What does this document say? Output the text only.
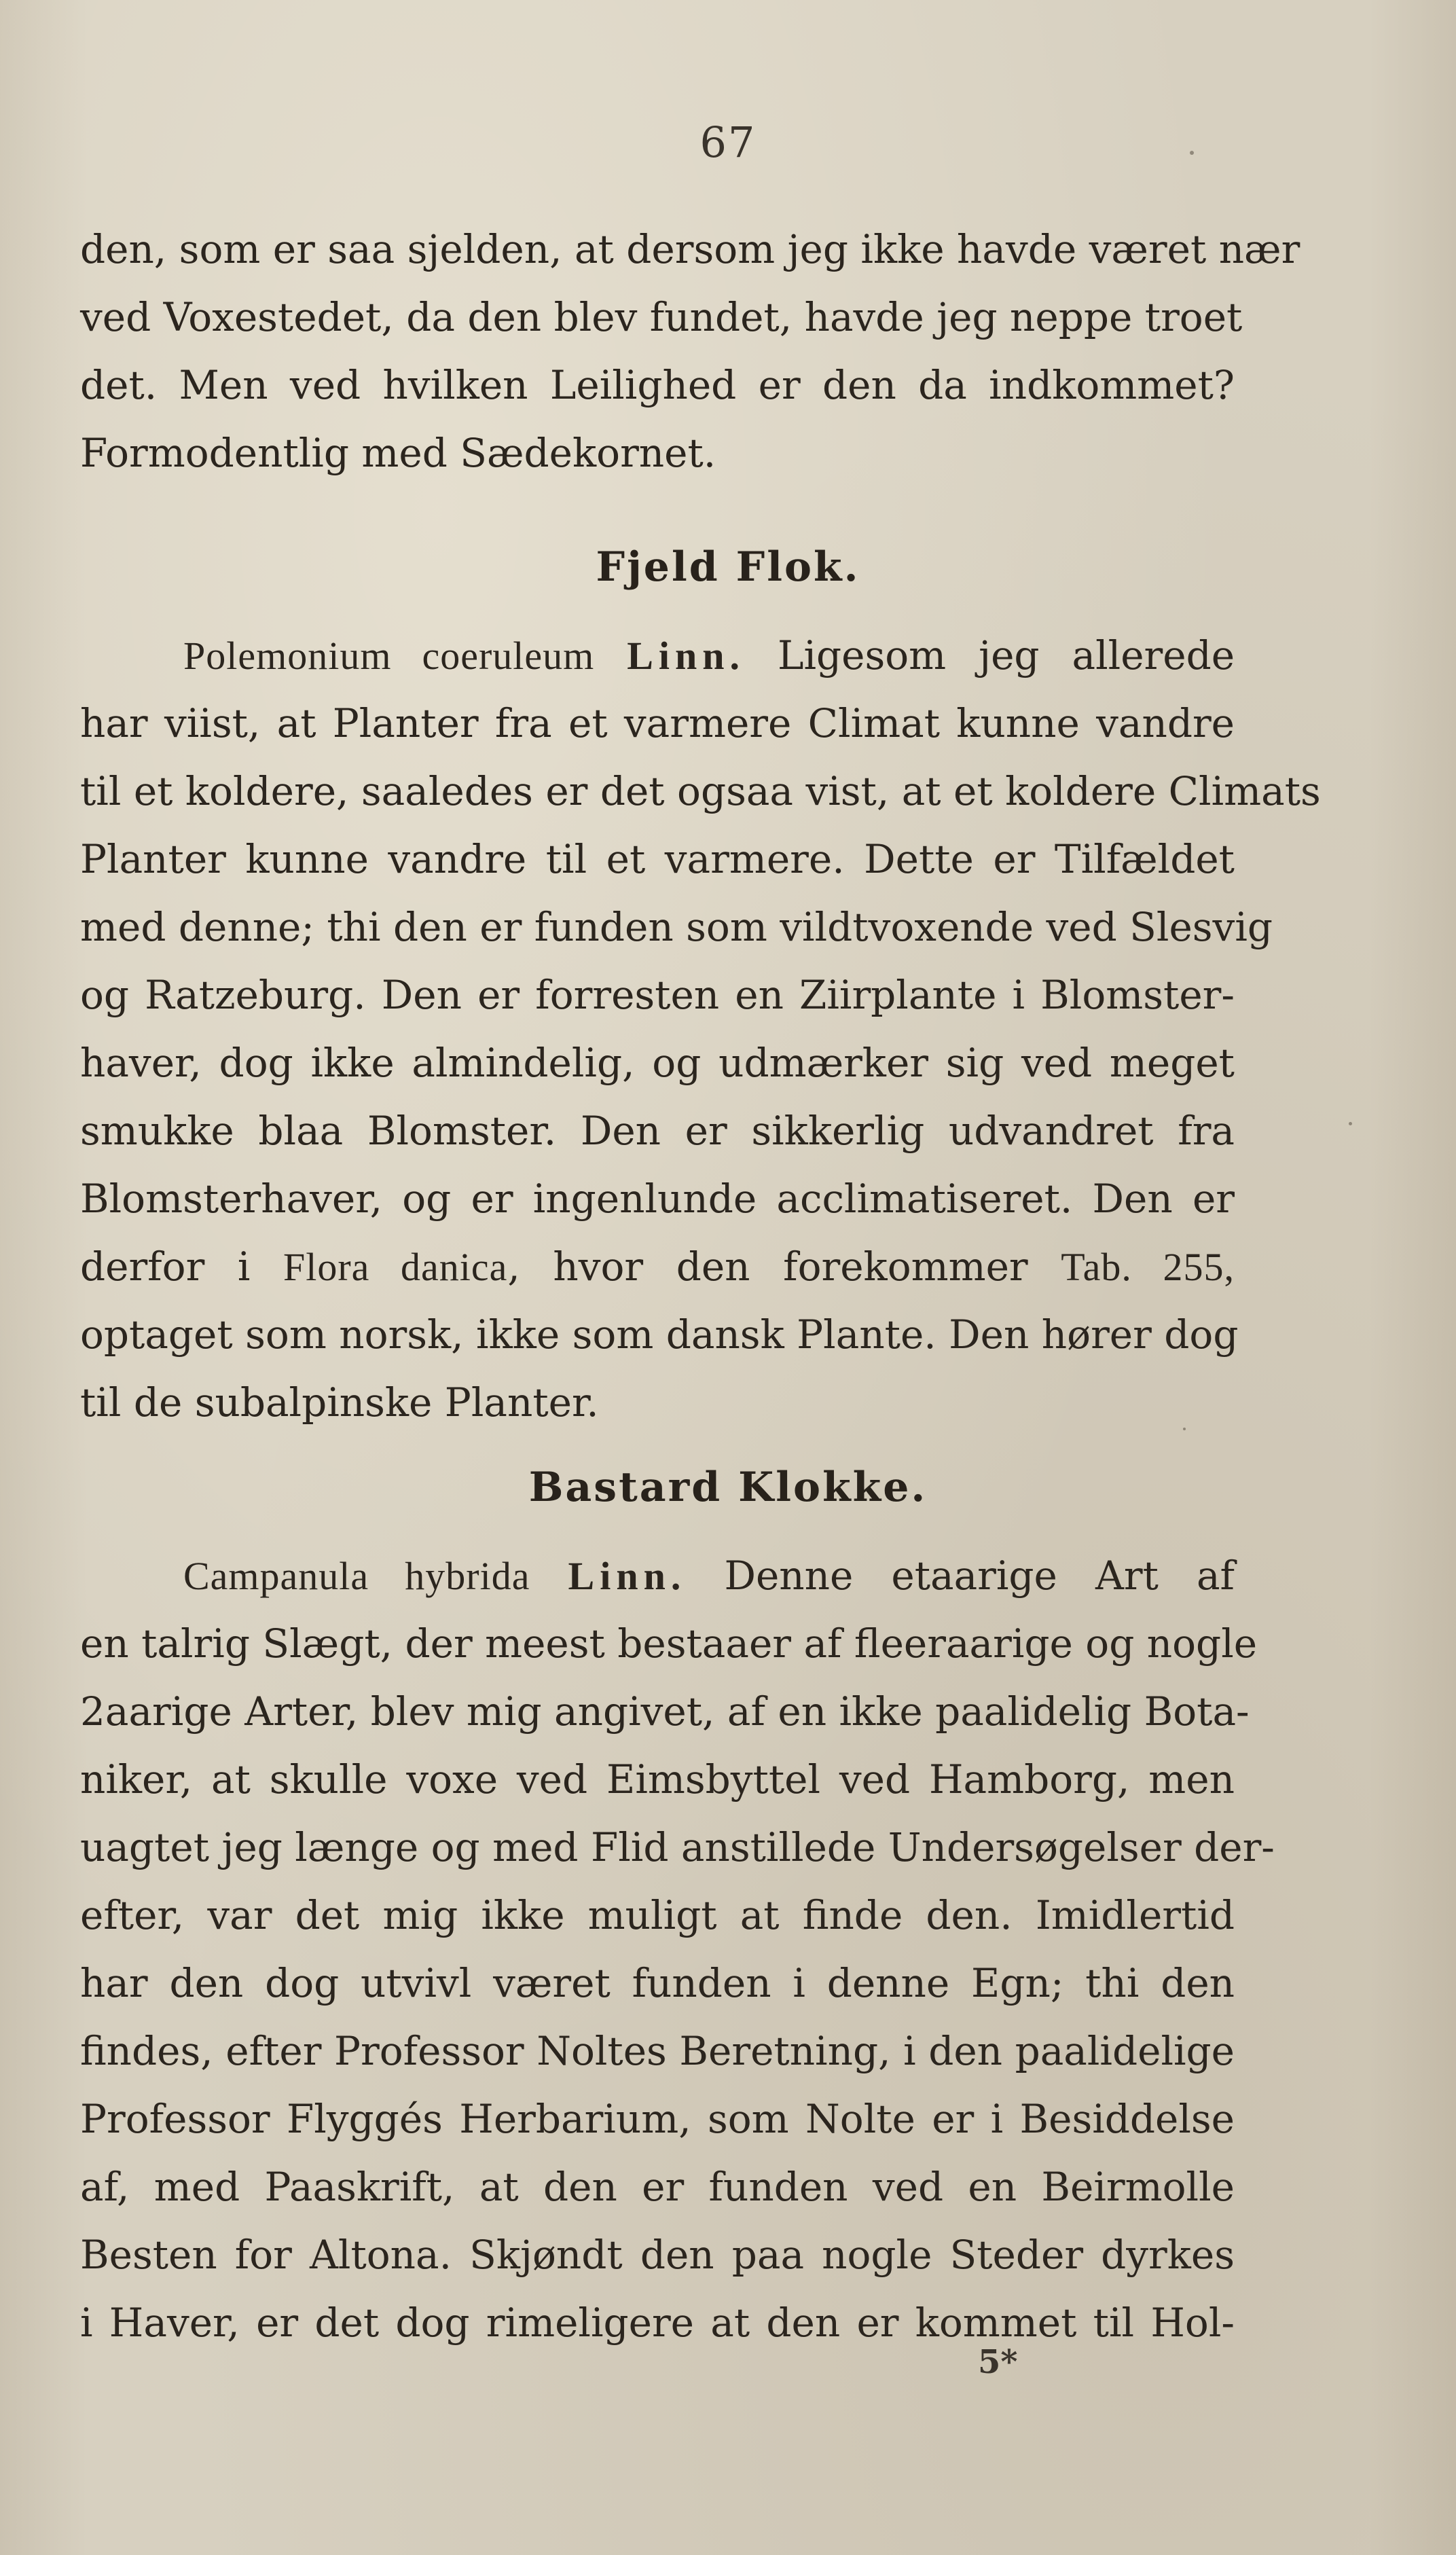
67
den, som er saa sjelden, at dersom jeg ikke havde været nær
ved Voxestedet, da den blev fundet, havde jeg neppe troet
det. Men ved hvilken Leilighed er den da indkommet?
Formodentlig med Sædekornet.
Fjeld Flok.
Polemonium coeruleum Linn. Ligesom jeg allerede
har viist, at Planter fra et varmere Climat kunne vandre
til et koldere, saaledes er det ogsaa vist, at et koldere Climats
Planter kunne vandre til et varmere. Dette er Tilfældet
med denne; thi den er funden som vildtvoxende ved Slesvig
og Ratzeburg. Den er forresten en Ziirplante i Blomster-
haver, dog ikke almindelig, og udmærker sig ved meget
smukke blaa Blomster. Den er sikkerlig udvandret fra
Blomsterhaver, og er ingenlunde acclimatiseret. Den er
derfor i Flora danica, hvor den forekommer Tab. 255,
optaget som norsk, ikke som dansk Plante. Den hører dog
til de subalpinske Planter.
Bastard Klokke.
Campanula hybrida Linn. Denne etaarige Art af
en talrig Slægt, der meest bestaaer af fleeraarige og nogle
2aarige Arter, blev mig angivet, af en ikke paalidelig Bota-
niker, at skulle voxe ved Eimsbyttel ved Hamborg, men
uagtet jeg længe og med Flid anstillede Undersøgelser der-
efter, var det mig ikke muligt at finde den. Imidlertid
har den dog utvivl været funden i denne Egn; thi den
findes, efter Professor Noltes Beretning, i den paalidelige
Professor Flyggés Herbarium, som Nolte er i Besiddelse
af, med Paaskrift, at den er funden ved en Beirmolle
Besten for Altona. Skjøndt den paa nogle Steder dyrkes
i Haver, er det dog rimeligere at den er kommet til Hol-
5*
